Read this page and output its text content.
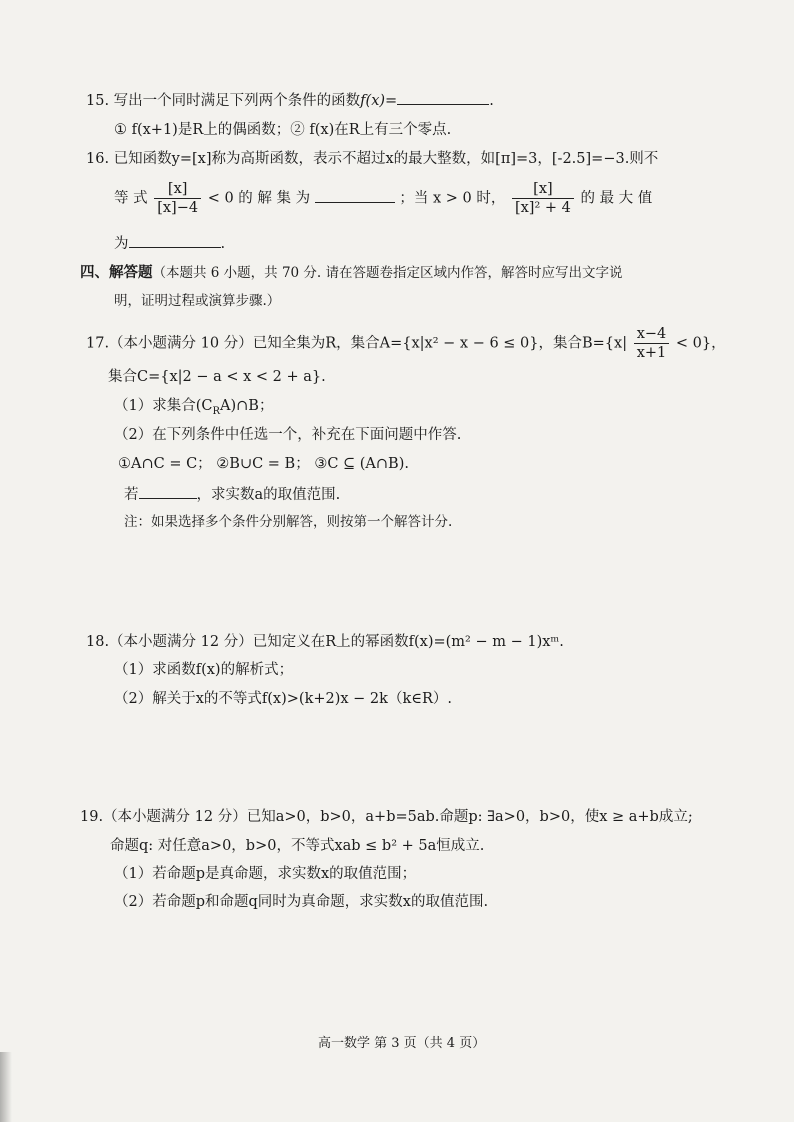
15. 写出一个同时满足下列两个条件的函数f(x)=	.
① f(x+1)是R上的偶函数；② f(x)在R上有三个零点.
16. 已知函数y=[x]称为高斯函数，表示不超过x的最大整数，如[π]=3，[-2.5]=−3.则不
等 式 $\frac{[x]}{[x]-4} < 0$ 的 解 集 为	；当 x > 0 时， $\frac{[x]}{\text{[x]² + 4}}$ 的 最 大 值
为	.
四、解答题（本题共 6 小题，共 70 分. 请在答题卷指定区域内作答，解答时应写出文字说
明，证明过程或演算步骤.）
17.（本小题满分 10 分）已知全集为R，集合A={x|x² − x − 6 ≤ 0}，集合$B=\{x| \frac{x-4}{x+1} < 0\}$，
集合C={x|2 − a < x < 2 + a}.
（1）求集合$(C_RA)\cap B$；
（2）在下列条件中任选一个，补充在下面问题中作答.
①A∩C = C； ②B∪C = B； ③C ⊆ (A∩B).
若	，求实数a的取值范围.
注：如果选择多个条件分别解答，则按第一个解答计分.
18.（本小题满分 12 分）已知定义在R上的幂函数f(x)=(m² − m − 1)xᵐ.
（1）求函数f(x)的解析式；
（2）解关于x的不等式f(x)>(k+2)x − 2k（k∈R）.
19.（本小题满分 12 分）已知a>0，b>0，a+b=5ab.命题p: ∃a>0，b>0，使x ≥ a+b成立;
命题q: 对任意a>0，b>0，不等式xab ≤ b² + 5a恒成立.
（1）若命题p是真命题，求实数x的取值范围；
（2）若命题p和命题q同时为真命题，求实数x的取值范围.
高一数学 第 3 页（共 4 页）
